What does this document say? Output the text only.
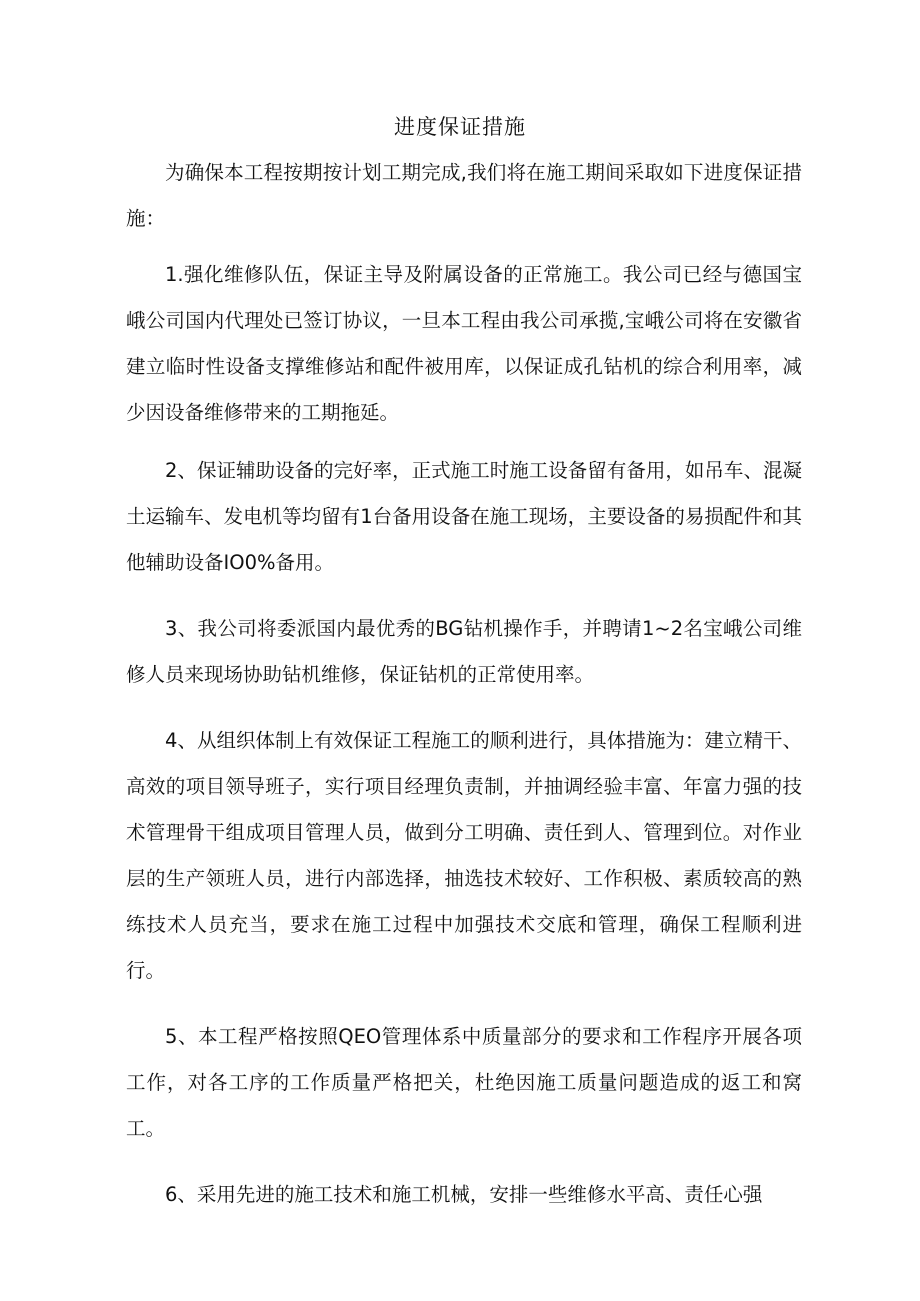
进度保证措施

为确保本工程按期按计划工期完成,我们将在施工期间采取如下进度保证措施：

1.强化维修队伍，保证主导及附属设备的正常施工。我公司已经与德国宝峨公司国内代理处已签订协议，一旦本工程由我公司承揽,宝峨公司将在安徽省建立临时性设备支撑维修站和配件被用库，以保证成孔钻机的综合利用率，减少因设备维修带来的工期拖延。

2、保证辅助设备的完好率，正式施工时施工设备留有备用，如吊车、混凝土运输车、发电机等均留有1台备用设备在施工现场，主要设备的易损配件和其他辅助设备IO0%备用。

3、我公司将委派国内最优秀的BG钻机操作手，并聘请1~2名宝峨公司维修人员来现场协助钻机维修，保证钻机的正常使用率。

4、从组织体制上有效保证工程施工的顺利进行，具体措施为：建立精干、高效的项目领导班子，实行项目经理负责制，并抽调经验丰富、年富力强的技术管理骨干组成项目管理人员，做到分工明确、责任到人、管理到位。对作业层的生产领班人员，进行内部选择，抽选技术较好、工作积极、素质较高的熟练技术人员充当，要求在施工过程中加强技术交底和管理，确保工程顺利进行。

5、本工程严格按照QEO管理体系中质量部分的要求和工作程序开展各项工作，对各工序的工作质量严格把关，杜绝因施工质量问题造成的返工和窝工。

6、采用先进的施工技术和施工机械，安排一些维修水平高、责任心强
